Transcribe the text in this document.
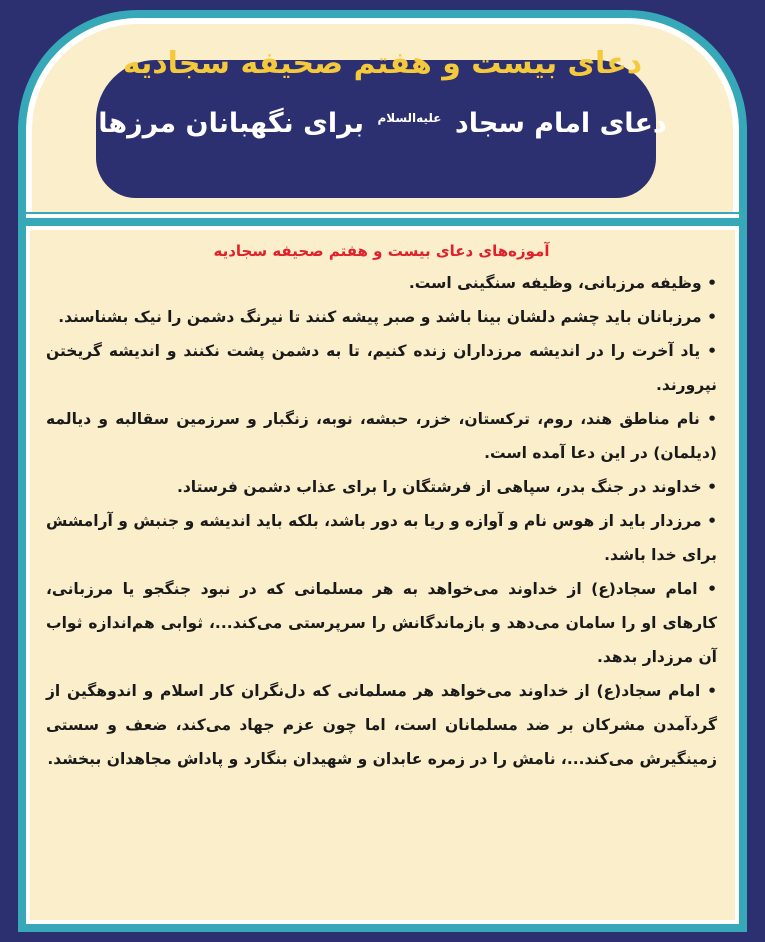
دعای بیست و هفتم صحیفه سجادیه
دعای امام سجاد علیه‌السلام برای نگهبانان مرزها

آموزه‌های دعای بیست و هفتم صحیفه سجادیه

• وظیفه مرزبانی، وظیفه سنگینی است.
• مرزبانان باید چشم دلشان بینا باشد و صبر پیشه کنند تا نیرنگ دشمن را نیک بشناسند.
• یاد آخرت را در اندیشه مرزداران زنده کنیم، تا به دشمن پشت نکنند و اندیشه گریختن نپرورند.
• نام مناطق هند، روم، ترکستان، خزر، حبشه، نوبه، زنگبار و سرزمین سقالبه و دیالمه (دیلمان) در این دعا آمده است.
• خداوند در جنگ بدر، سپاهی از فرشتگان را برای عذاب دشمن فرستاد.
• مرزدار باید از هوس نام و آوازه و ریا به دور باشد، بلکه باید اندیشه و جنبش و آرامشش برای خدا باشد.
• امام سجاد(ع) از خداوند می‌خواهد به هر مسلمانی که در نبود جنگجو یا مرزبانی، کارهای او را سامان می‌دهد و بازماندگانش را سرپرستی می‌کند...، ثوابی هم‌اندازه ثواب آن مرزدار بدهد.
• امام سجاد(ع) از خداوند می‌خواهد هر مسلمانی که دل‌نگران کار اسلام و اندوهگین از گردآمدن مشرکان بر ضد مسلمانان است، اما چون عزم جهاد می‌کند، ضعف و سستی زمینگیرش می‌کند...، نامش را در زمره عابدان و شهیدان بنگارد و پاداش مجاهدان ببخشد.
